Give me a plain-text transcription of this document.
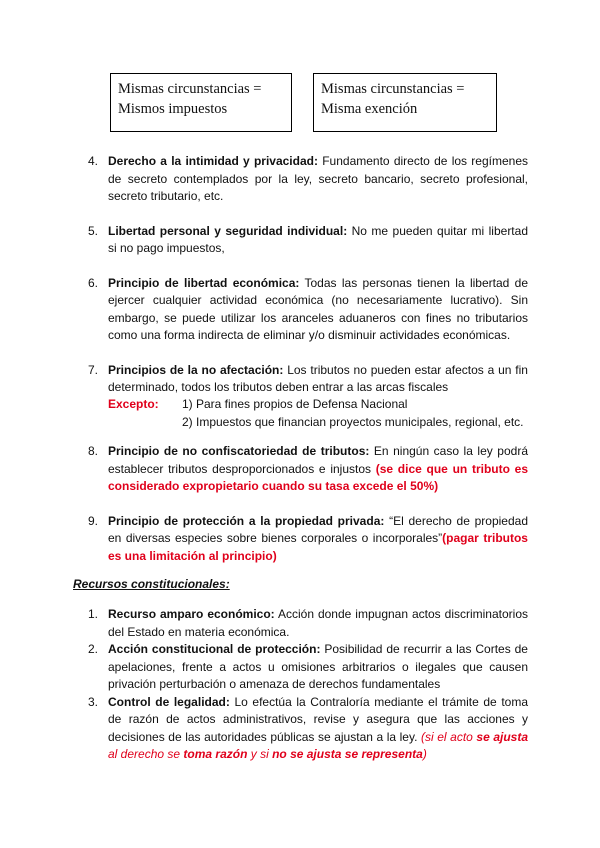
Mismas circunstancias =
Mismos impuestos
Mismas circunstancias =
Misma exención
4. Derecho a la intimidad y privacidad: Fundamento directo de los regímenes de secreto contemplados por la ley, secreto bancario, secreto profesional, secreto tributario, etc.
5. Libertad personal y seguridad individual: No me pueden quitar mi libertad si no pago impuestos,
6. Principio de libertad económica: Todas las personas tienen la libertad de ejercer cualquier actividad económica (no necesariamente lucrativo). Sin embargo, se puede utilizar los aranceles aduaneros con fines no tributarios como una forma indirecta de eliminar y/o disminuir actividades económicas.
7. Principios de la no afectación: Los tributos no pueden estar afectos a un fin determinado, todos los tributos deben entrar a las arcas fiscales
Excepto: 1) Para fines propios de Defensa Nacional
2) Impuestos que financian proyectos municipales, regional, etc.
8. Principio de no confiscatoriedad de tributos: En ningún caso la ley podrá establecer tributos desproporcionados e injustos (se dice que un tributo es considerado expropietario cuando su tasa excede el 50%)
9. Principio de protección a la propiedad privada: “El derecho de propiedad en diversas especies sobre bienes corporales o incorporales”(pagar tributos es una limitación al principio)
Recursos constitucionales:
1. Recurso amparo económico: Acción donde impugnan actos discriminatorios del Estado en materia económica.
2. Acción constitucional de protección: Posibilidad de recurrir a las Cortes de apelaciones, frente a actos u omisiones arbitrarios o ilegales que causen privación perturbación o amenaza de derechos fundamentales
3. Control de legalidad: Lo efectúa la Contraloría mediante el trámite de toma de razón de actos administrativos, revise y asegura que las acciones y decisiones de las autoridades públicas se ajustan a la ley. (si el acto se ajusta al derecho se toma razón y si no se ajusta se representa)
